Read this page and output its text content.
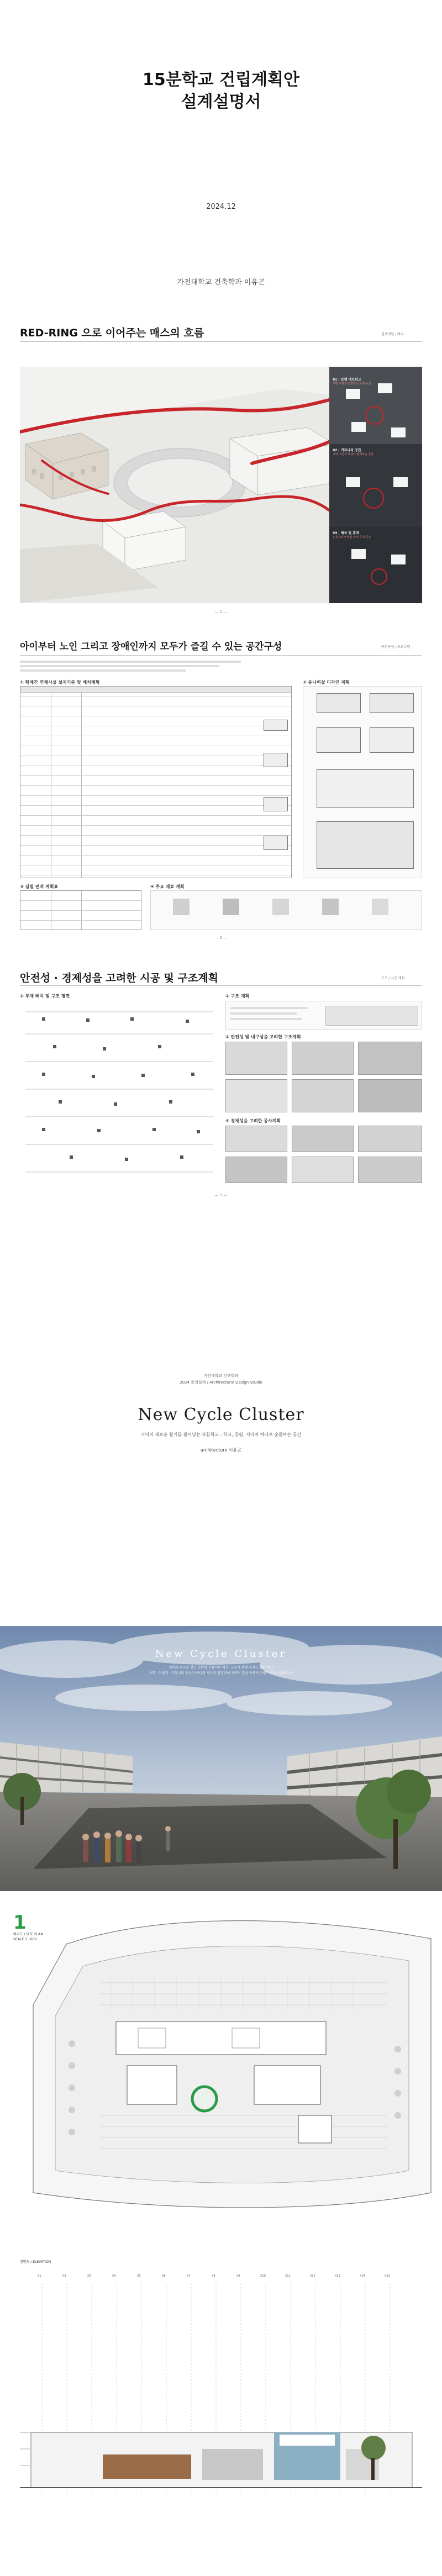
15분학교 건립계획안
설계설명서
2024.12
가천대학교 건축학과 이유곤
RED-RING 으로 이어주는 매스의 흐름	설계개념 / 배치
01 | 보행 네트워크
주변 지역과 연결되는 보행 동선
02 | 커뮤니티 공간
지역 주민과 학생이 함께하는 공간
03 | 체육 및 휴게
운동장과 연계된 외부 휴게 공간
— 1 —
아이부터 노인 그리고 장애인까지 모두가 즐길 수 있는 공간구성	공간구성 / 프로그램
① 학제간 연계시설 설치기준 및 배치계획	② 유니버설 디자인 계획
③ 실별 면적 계획표	④ 주요 재료 계획
— 2 —
안전성 · 경제성을 고려한 시공 및 구조계획	구조 / 시공 계획
① 부재 배치 및 구조 평면	② 구조 계획
③ 안전성 및 내구성을 고려한 구조계획
④ 경제성을 고려한 공사계획
— 3 —
가천대학교 건축학과
2024 졸업설계 / Architectural Design Studio
New Cycle Cluster
지역의 새로운 활기를 불어넣는 복합학교 : 학교, 공원, 지역이 하나로 순환하는 공간
architecture 이유곤
New Cycle Cluster
지역과 학교를 잇는 순환형 커뮤니티 허브, 모두가 함께 누리는 열린 학교
보행 · 자전거 · 커뮤니티 동선이 하나의 링으로 연결되어 지역의 일상 속에서 자연스럽게 순환합니다
1
배치도 / SITE PLAN
SCALE 1 : 600
입면도 / ELEVATION
X1	X2	X3	X4	X5	X6	X7	X8	X9	X10	X11	X12	X13	X14	X15
